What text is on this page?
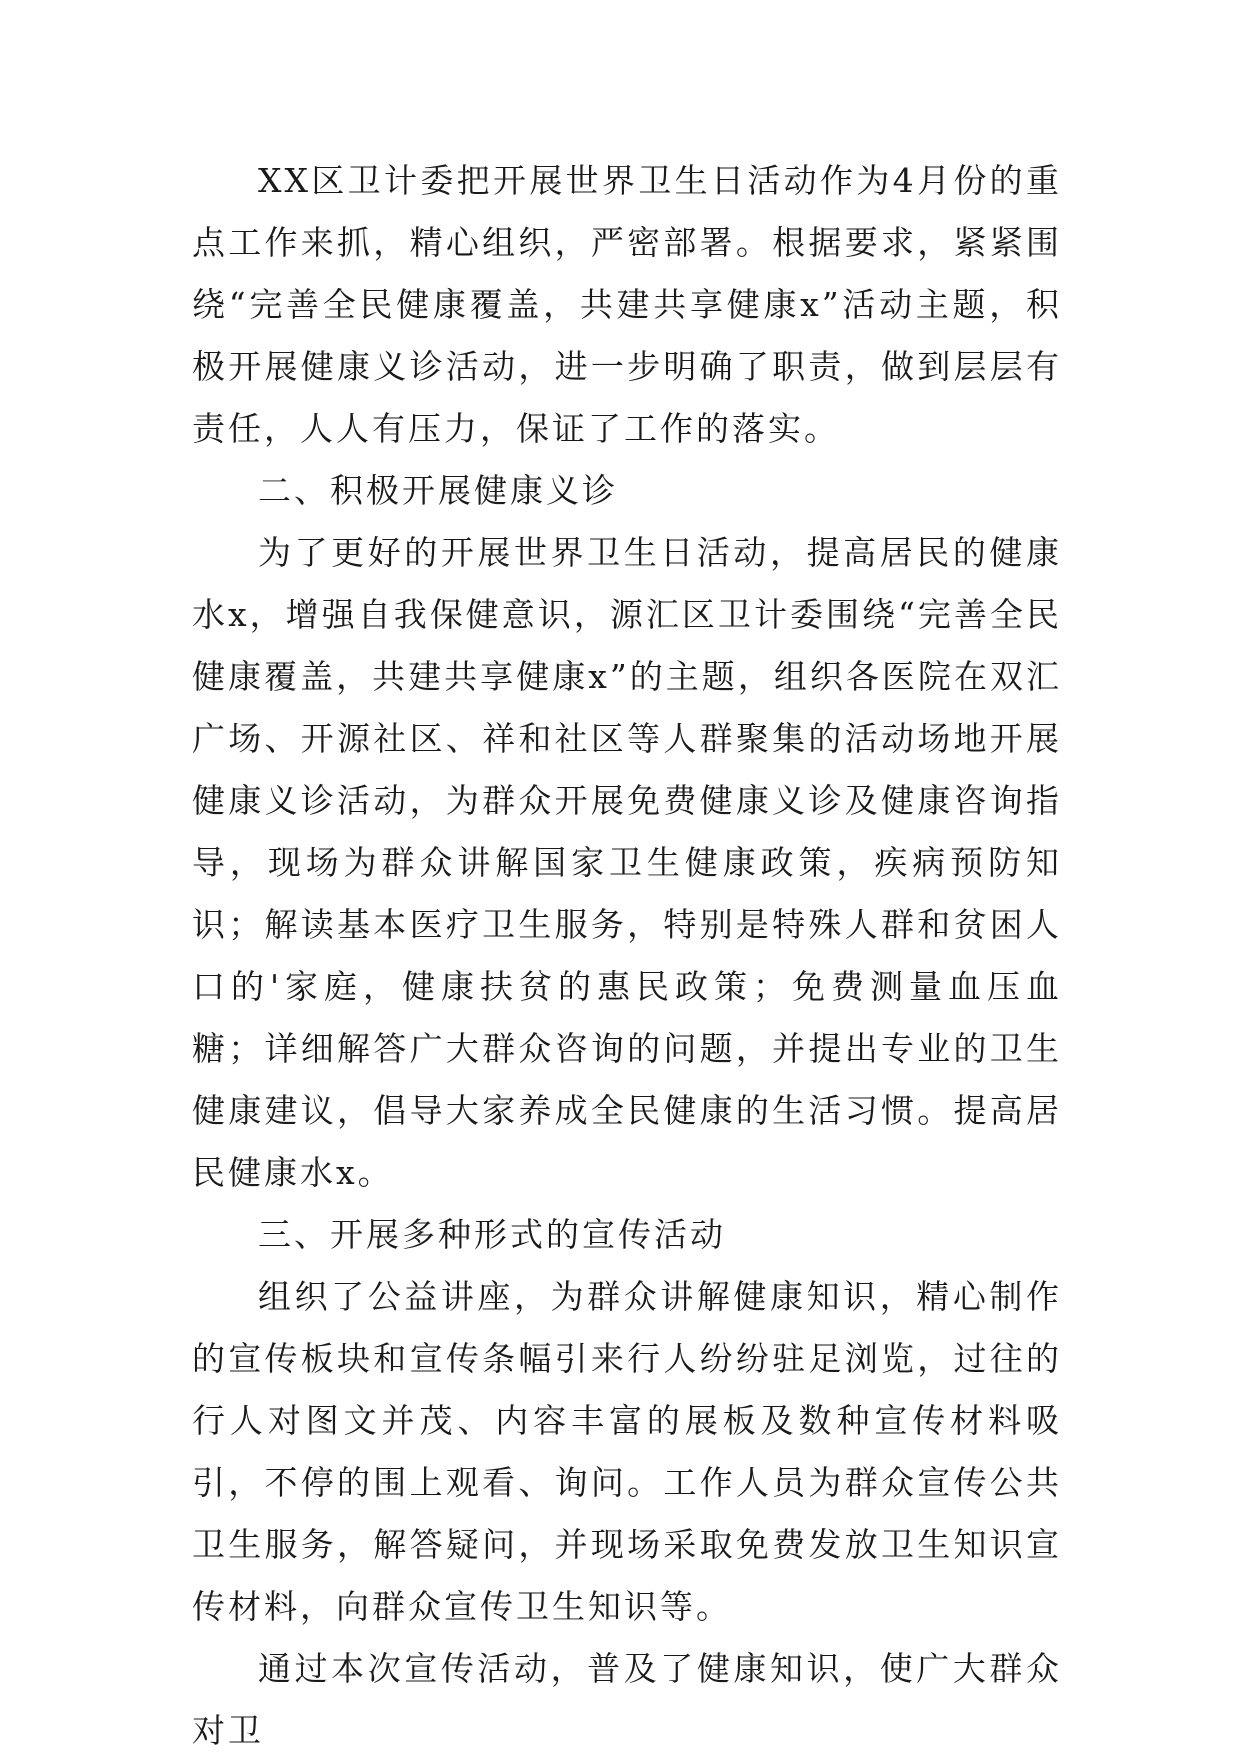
XX区卫计委把开展世界卫生日活动作为4月份的重点工作来抓，精心组织，严密部署。根据要求，紧紧围绕“完善全民健康覆盖，共建共享健康x”活动主题，积极开展健康义诊活动，进一步明确了职责，做到层层有责任，人人有压力，保证了工作的落实。

二、积极开展健康义诊

为了更好的开展世界卫生日活动，提高居民的健康水x，增强自我保健意识，源汇区卫计委围绕“完善全民健康覆盖，共建共享健康x”的主题，组织各医院在双汇广场、开源社区、祥和社区等人群聚集的活动场地开展健康义诊活动，为群众开展免费健康义诊及健康咨询指导，现场为群众讲解国家卫生健康政策，疾病预防知识；解读基本医疗卫生服务，特别是特殊人群和贫困人口的'家庭，健康扶贫的惠民政策；免费测量血压血糖；详细解答广大群众咨询的问题，并提出专业的卫生健康建议，倡导大家养成全民健康的生活习惯。提高居民健康水x。

三、开展多种形式的宣传活动

组织了公益讲座，为群众讲解健康知识，精心制作的宣传板块和宣传条幅引来行人纷纷驻足浏览，过往的行人对图文并茂、内容丰富的展板及数种宣传材料吸引，不停的围上观看、询问。工作人员为群众宣传公共卫生服务，解答疑问，并现场采取免费发放卫生知识宣传材料，向群众宣传卫生知识等。

通过本次宣传活动，普及了健康知识，使广大群众对卫
